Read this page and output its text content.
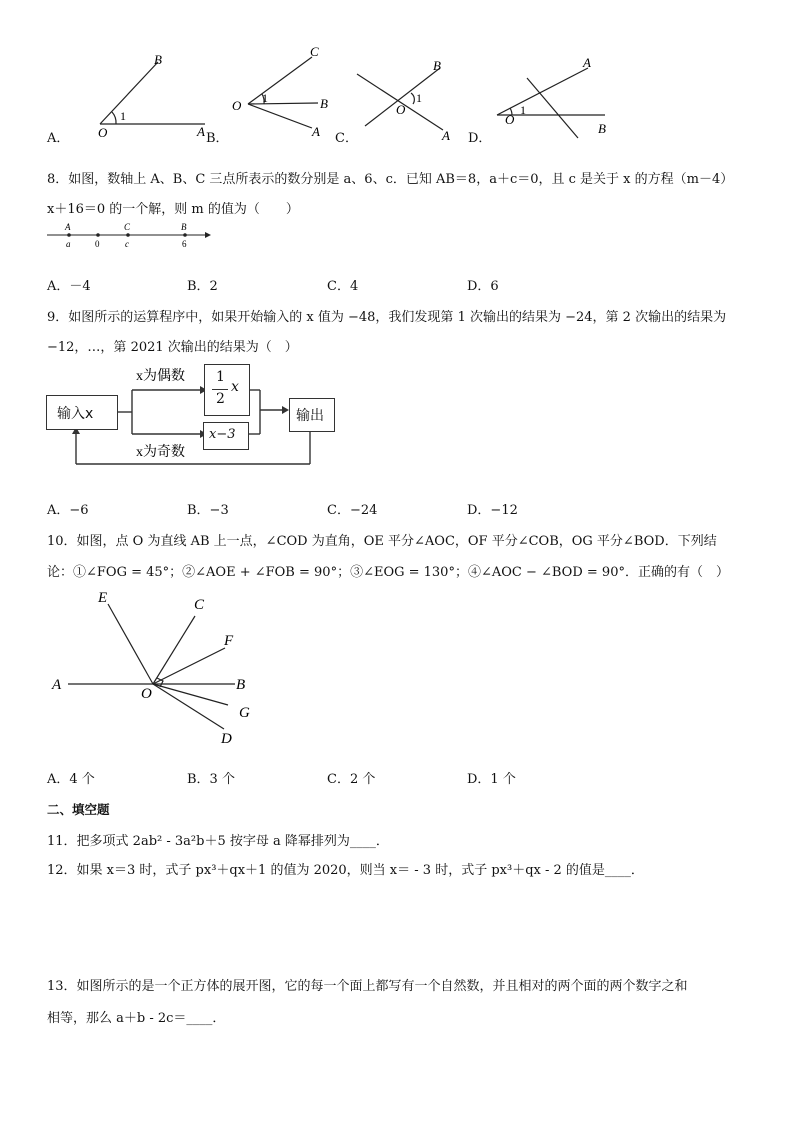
B
O	A
1
C
O	B
A
1
B
O
A
1
A
O
B
1
A．	B．	C．	D．
8．如图，数轴上 A、B、C 三点所表示的数分别是 a、6、c．已知 AB＝8，a＋c＝0，且 c 是关于 x 的方程（m－4）
x＋16＝0 的一个解，则 m 的值为（　　）
A	C	B
a	0	c	6
A．－4	B．2	C．4	D．6
9．如图所示的运算程序中，如果开始输入的 x 值为 −48，我们发现第 1 次输出的结果为 −24，第 2 次输出的结果为
−12，…，第 2021 次输出的结果为（　）
x为偶数
x为奇数
输入x
1
2
x
x−3
输出
A．−6	B．−3	C．−24	D．−12
10．如图，点 O 为直线 AB 上一点，∠COD 为直角，OE 平分∠AOC，OF 平分∠COB，OG 平分∠BOD．下列结
论：①∠FOG = 45°；②∠AOE + ∠FOB = 90°；③∠EOG = 130°；④∠AOC − ∠BOD = 90°．正确的有（　）
E	C
F
A
O
B
G
D
A．4 个	B．3 个	C．2 个	D．1 个
二、填空题
11．把多项式 2ab² - 3a²b＋5 按字母 a 降幂排列为____．
12．如果 x＝3 时，式子 px³＋qx＋1 的值为 2020，则当 x＝ - 3 时，式子 px³＋qx - 2 的值是____．
13．如图所示的是一个正方体的展开图，它的每一个面上都写有一个自然数，并且相对的两个面的两个数字之和
相等，那么 a＋b - 2c＝____．
